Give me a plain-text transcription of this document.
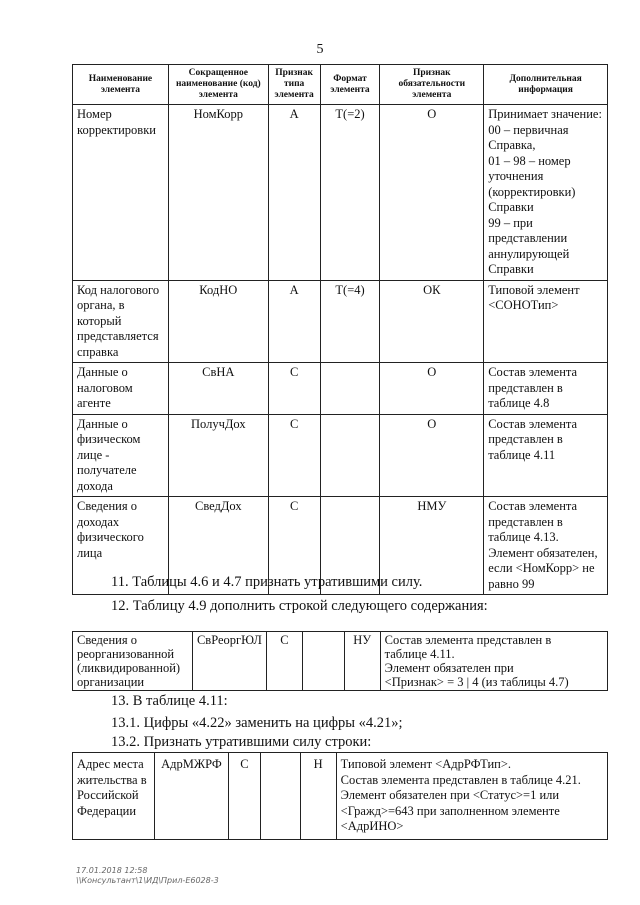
5
Наименование элемента	Сокращенное наименование (код) элемента	Признак типа элемента	Формат элемента	Признак обязательности элемента	Дополнительная информация
Номер корректировки	НомКорр	А	T(=2)	О	Принимает значение:
00 – первичная Справка,
01 – 98 – номер уточнения (корректировки) Справки
99 – при представлении аннулирующей Справки

Код налогового органа, в который представляется справка	КодНО	А	T(=4)	ОК	Типовой элемент <СОНОТип>

Данные о налоговом агенте	СвНА	С		О	Состав элемента представлен в таблице 4.8

Данные о физическом лице - получателе дохода	ПолучДох	С		О	Состав элемента представлен в таблице 4.11

Сведения о доходах физического лица	СведДох	С		НМУ	Состав элемента представлен в таблице 4.13.
Элемент обязателен, если <НомКорр> не равно 99
11. Таблицы 4.6 и 4.7 признать утратившими силу.
12. Таблицу 4.9 дополнить строкой следующего содержания:
Сведения о реорганизованной (ликвидированной) организации	СвРеоргЮЛ	С		НУ	Состав элемента представлен в
таблице 4.11.
Элемент обязателен при
<Признак> = 3 | 4 (из таблицы 4.7)
13. В таблице 4.11:
13.1. Цифры «4.22» заменить на цифры «4.21»;
13.2. Признать утратившими силу строки:
Адрес места жительства в Российской Федерации	АдрМЖРФ	С		Н	Типовой элемент <АдрРФТип>.
Состав элемента представлен в таблице 4.21.
Элемент обязателен при <Статус>=1 или
<Гражд>=643 при заполненном элементе
<АдрИНО>
17.01.2018 12:58
\\Консультант\1\ИД\Прил-Е6028-3
